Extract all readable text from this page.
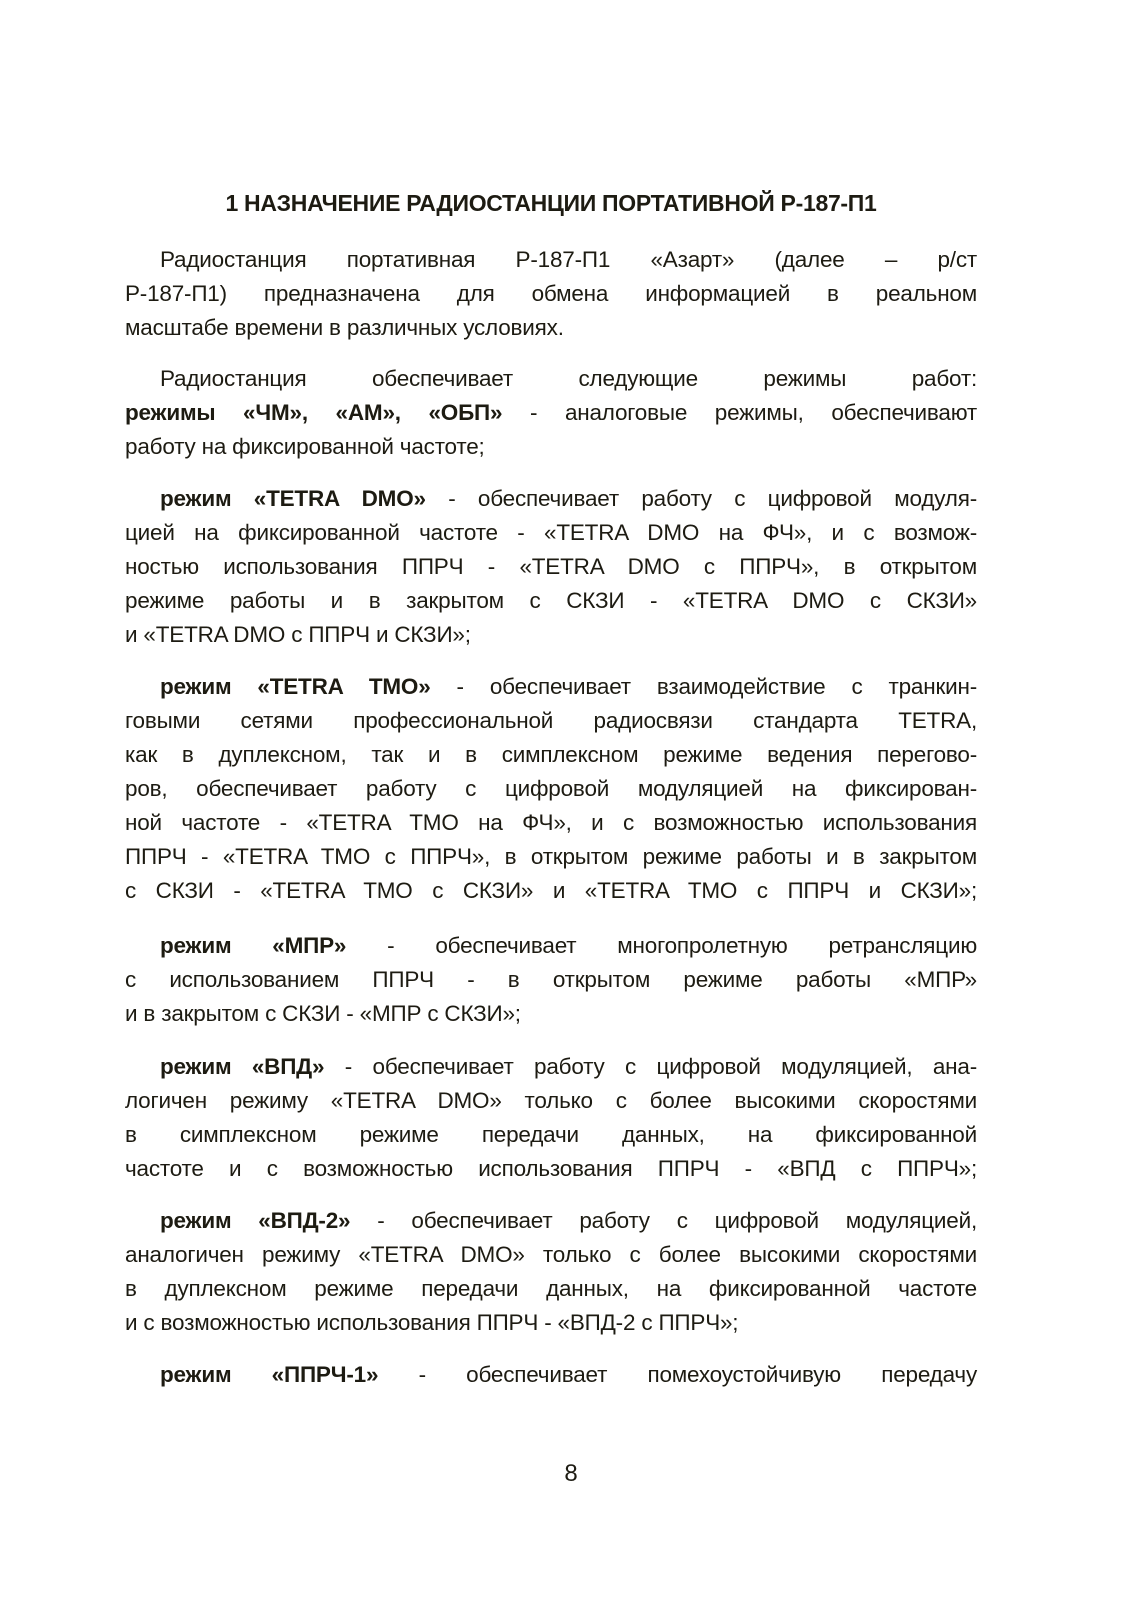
1 НАЗНАЧЕНИЕ РАДИОСТАНЦИИ ПОРТАТИВНОЙ Р-187-П1
Радиостанция портативная Р-187-П1 «Азарт» (далее – р/ст
Р-187-П1) предназначена для обмена информацией в реальном
масштабе времени в различных условиях.
Радиостанция обеспечивает следующие режимы работ:
режимы «ЧМ», «АМ», «ОБП» - аналоговые режимы, обеспечивают
работу на фиксированной частоте;
режим «TETRA DMO» - обеспечивает работу с цифровой модуля-
цией на фиксированной частоте - «TETRA DMO на ФЧ», и с возмож-
ностью использования ППРЧ - «TETRA DMO с ППРЧ», в открытом
режиме работы и в закрытом с СКЗИ - «TETRA DMO с СКЗИ»
и «TETRA DMO с ППРЧ и СКЗИ»;
режим «TETRA TMO» - обеспечивает взаимодействие с транкин-
говыми сетями профессиональной радиосвязи стандарта TETRA,
как в дуплексном, так и в симплексном режиме ведения перегово-
ров, обеспечивает работу с цифровой модуляцией на фиксирован-
ной частоте - «TETRA TMO на ФЧ», и с возможностью использования
ППРЧ - «TETRA TMO с ППРЧ», в открытом режиме работы и в закрытом
с СКЗИ - «TETRA TMO с СКЗИ» и «TETRA TMO с ППРЧ и СКЗИ»;
режим «МПР» - обеспечивает многопролетную ретрансляцию
с использованием ППРЧ - в открытом режиме работы «МПР»
и в закрытом с СКЗИ - «МПР с СКЗИ»;
режим «ВПД» - обеспечивает работу с цифровой модуляцией, ана-
логичен режиму «TETRA DMO» только с более высокими скоростями
в симплексном режиме передачи данных, на фиксированной
частоте и с возможностью использования ППРЧ - «ВПД с ППРЧ»;
режим «ВПД-2» - обеспечивает работу с цифровой модуляцией,
аналогичен режиму «TETRA DMO» только с более высокими скоростями
в дуплексном режиме передачи данных, на фиксированной частоте
и с возможностью использования ППРЧ - «ВПД-2 с ППРЧ»;
режим «ППРЧ-1» - обеспечивает помехоустойчивую передачу
8
